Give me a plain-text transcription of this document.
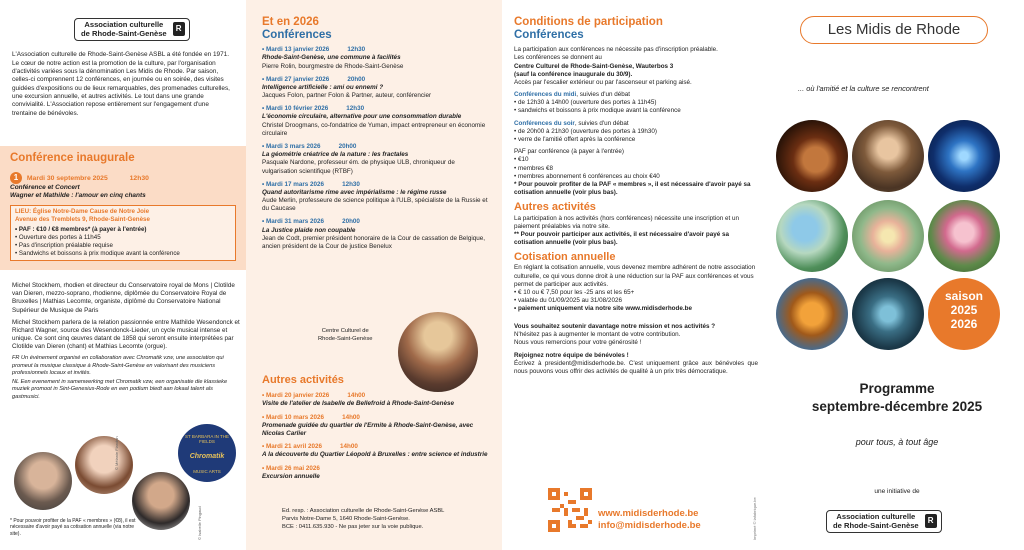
Association culturelle
de Rhode-Saint-Genèse
R

L'Association culturelle de Rhode-Saint-Genèse ASBL a été fondée en 1971. Le cœur de notre action est la promotion de la culture, par l'organisation d'activités variées sous la dénomination Les Midis de Rhode. Par saison, celles-ci comprennent 12 conférences, en journée ou en soirée, des visites guidées d'expositions ou de lieux remarquables, des promenades culturelles, une excursion annuelle, et autres activités. Le tout dans une grande convivialité. L'Association repose entièrement sur l'engagement d'une trentaine de bénévoles.

Conférence inaugurale
1 Mardi 30 septembre 2025	12h30
Conférence et Concert
Wagner et Mathilde : l'amour en cinq chants
LIEU: Église Notre-Dame Cause de Notre Joie
Avenue des Tremblets 9, Rhode-Saint-Genèse
• PAF : €10 / €8 membres* (à payer à l'entrée)
• Ouverture des portes à 11h45
• Pas d'inscription préalable requise
• Sandwichs et boissons à prix modique avant la conférence

Michel Stockhem, rhodien et directeur du Conservatoire royal de Mons | Clotilde van Dieren, mezzo-soprano, rhodienne, diplômée du Conservatoire Royal de Bruxelles | Mathias Lecomte, organiste, diplômé du Conservatoire National Supérieur de Musique de Paris

Michel Stockhem parlera de la relation passionnée entre Mathilde Wesendonck et Richard Wagner, source des Wesendonck-Lieder, un cycle musical intense et unique. Ce sont cinq œuvres datant de 1858 qui seront ensuite interprétées par Clotilde van Dieren (chant) et Mathias Lecomte (orgue).

FR Un événement organisé en collaboration avec Chromatik vzw, une association qui promeut la musique classique à Rhode-Saint-Genèse en valorisant des musiciens professionnels locaux et invités.

NL Een evenement in samenwerking met Chromatik vzw, een organisatie die klassieke muziek promoot in Sint-Genesius-Rode en een podium biedt aan lokaal talent als gastmusici.

ST BARBARA IN THE FIELDS
Chromatik
MUSIC ARTS
© Mélanie Flandrin
© Isabelle Pingaud

* Pour pouvoir profiter de la PAF « membres » (€8), il est nécessaire d'avoir payé sa cotisation annuelle (via notre site).

Et en 2026
Conférences
• Mardi 13 janvier 2026	12h30
Rhode-Saint-Genèse, une commune à facilités
Pierre Rolin, bourgmestre de Rhode-Saint-Genèse
• Mardi 27 janvier 2026	20h00
Intelligence artificielle : ami ou ennemi ?
Jacques Folon, partner Folon & Partner, auteur, conférencier
• Mardi 10 février 2026	12h30
L'économie circulaire, alternative pour une consommation durable
Christel Droogmans, co-fondatrice de Yuman, impact entrepreneur en économie circulaire
• Mardi 3 mars 2026	20h00
La géométrie créatrice de la nature : les fractales
Pasquale Nardone, professeur ém. de physique ULB, chroniqueur de vulgarisation scientifique (RTBF)
• Mardi 17 mars 2026	12h30
Quand autoritarisme rime avec impérialisme : le régime russe
Aude Merlin, professeure de science politique à l'ULB, spécialiste de la Russie et du Caucase
• Mardi 31 mars 2026	20h00
La Justice plaide non coupable
Jean de Codt, premier président honoraire de la Cour de cassation de Belgique, ancien président de la Cour de justice Benelux
Centre Culturel de
Rhode-Saint-Genèse
Autres activités
• Mardi 20 janvier 2026	14h00
Visite de l'atelier de Isabelle de Bellefroid à Rhode-Saint-Genèse
• Mardi 10 mars 2026	14h00
Promenade guidée du quartier de l'Ermite à Rhode-Saint-Genèse, avec Nicolas Carlier
• Mardi 21 avril 2026	14h00
A la découverte du Quartier Léopold à Bruxelles : entre science et industrie
• Mardi 26 mai 2026
Excursion annuelle
Ed. resp. : Association culturelle de Rhode-Saint-Genèse ASBL
Parvis Notre-Dame 5, 1640 Rhode-Saint-Genèse.
BCE : 0411.635.930 - Ne pas jeter sur la voie publique.
Conditions de participation
Conférences

La participation aux conférences ne nécessite pas d'inscription préalable.

Les conférences se donnent au

Centre Culturel de Rhode-Saint-Genèse, Wauterbos 3

(sauf la conférence inaugurale du 30/9).

Accès par l'escalier extérieur ou par l'ascenseur et parking aisé.

Conférences du midi, suivies d'un débat

• de 12h30 à 14h00 (ouverture des portes à 11h45)

• sandwichs et boissons à prix modique avant la conférence

Conférences du soir, suivies d'un débat

• de 20h00 à 21h30 (ouverture des portes à 19h30)

• verre de l'amitié offert après la conférence

PAF par conférence (à payer à l'entrée)

• €10

• membres €8

• membres abonnement 6 conférences au choix €40

* Pour pouvoir profiter de la PAF « membres », il est nécessaire d'avoir payé sa cotisation annuelle (voir plus bas).

Autres activités

La participation à nos activités (hors conférences) nécessite une inscription et un paiement préalables via notre site.

** Pour pouvoir participer aux activités, il est nécessaire d'avoir payé sa cotisation annuelle (voir plus bas).

Cotisation annuelle

En réglant la cotisation annuelle, vous devenez membre adhérent de notre association culturelle, ce qui vous donne droit à une réduction sur la PAF aux conférences et vous permet de participer aux activités.

• € 10 ou € 7,50 pour les -25 ans et les 65+

• valable du 01/09/2025 au 31/08/2026

• paiement uniquement via notre site www.midisderhode.be

Vous souhaitez soutenir davantage notre mission et nos activités ?

N'hésitez pas à augmenter le montant de votre contribution.

Nous vous remercions pour votre générosité !

Rejoignez notre équipe de bénévoles !

Écrivez à president@midisderhode.be. C'est uniquement grâce aux bénévoles que nous pouvons vous offrir des activités de qualité à un prix très démocratique.

www.midisderhode.be
info@midisderhode.be	Imprimé © lafabrique.be
Les Midis de Rhode
... où l'amitié et la culture se rencontrent
saison
2025
2026
Programme
septembre-décembre 2025
pour tous, à tout âge
une initiative de
Association culturelle
de Rhode-Saint-Genèse
R
